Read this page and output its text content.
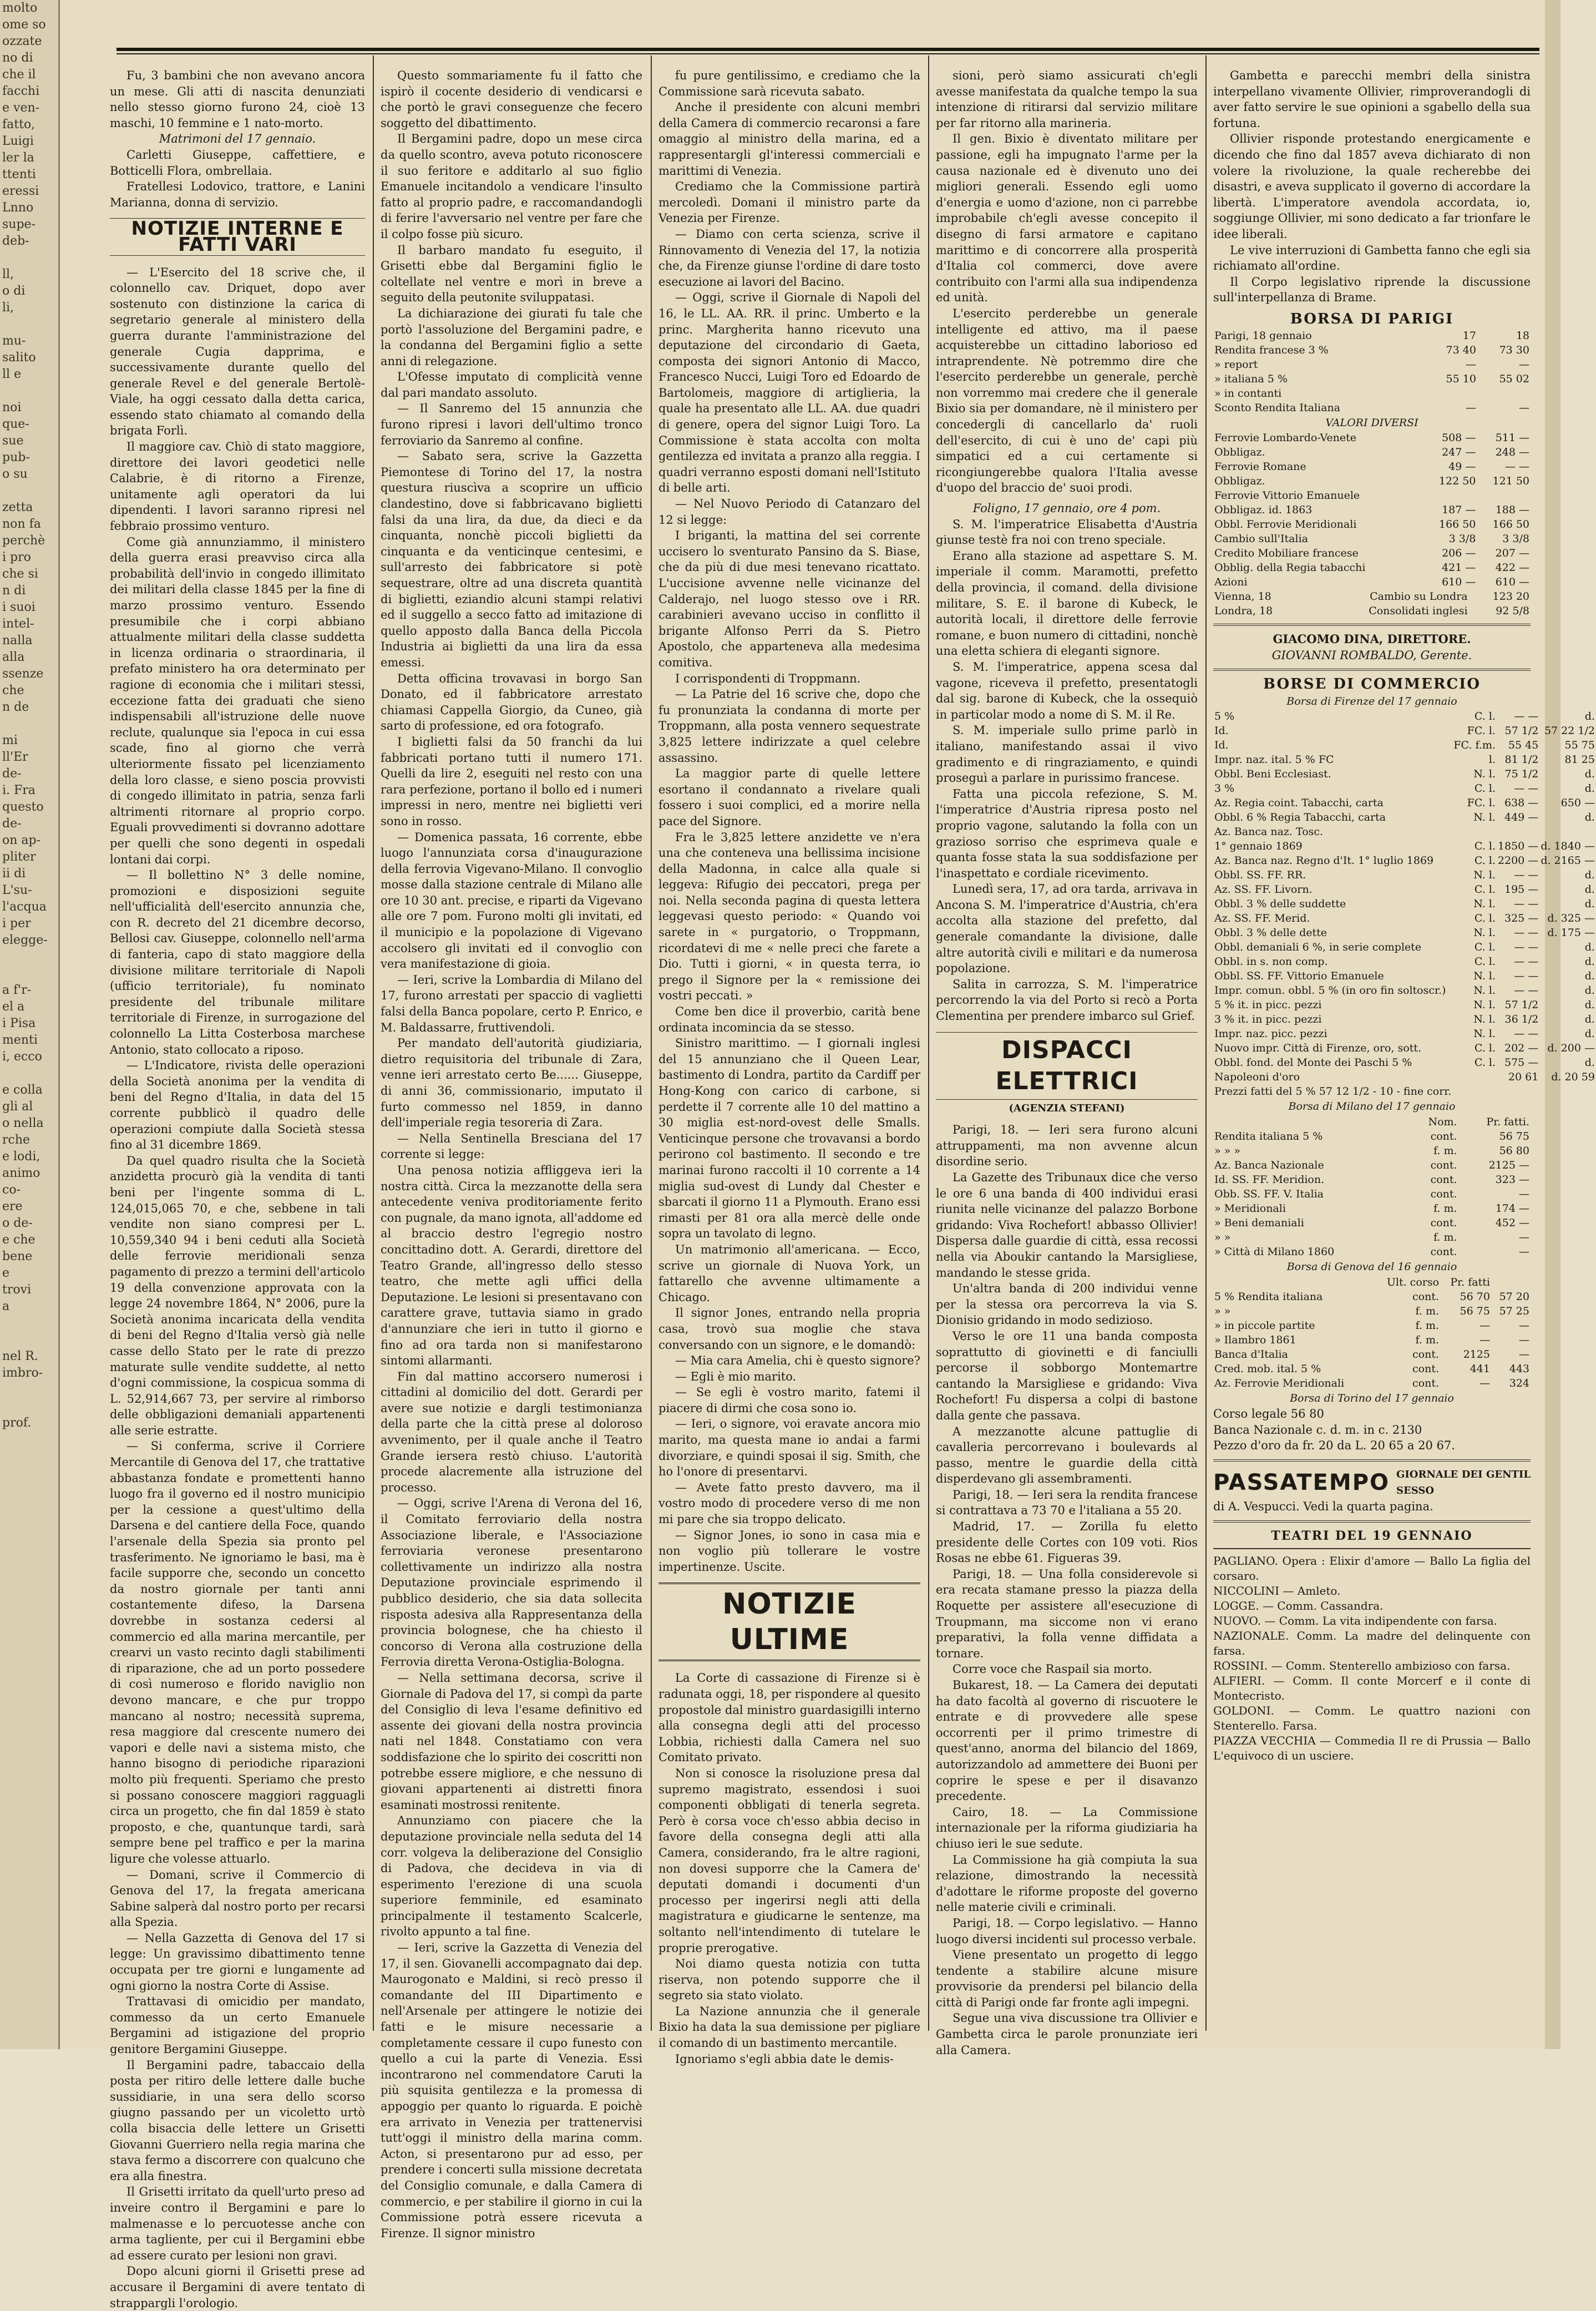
molto
ome so
ozzate
no di
che il
facchi
e ven-
fatto,
Luigi
ler la
ttenti
eressi
Lnno
supe-
deb-

ll,
o di
li,

mu-
salito
ll e

noi
que-
sue
pub-
o su

zetta
non fa
perchè
i pro
che si
n di
i suoi
intel-
nalla
alla
ssenze
che
n de

mi
ll'Er
de-
i. Fra
questo
de-
on ap-
pliter
ii di
L'su-
l'acqua
i per
elegge-

a f'r-
el a
i Pisa
menti
i, ecco

e colla
gli al
o nella
rche
e lodi,
animo
co-
ere
o de-
e che
bene
e
trovi
a

nel R.
imbro-

prof.

Fu, 3 bambini che non avevano ancora un mese. Gli atti di nascita denunziati nello stesso giorno furono 24, cioè 13 maschi, 10 femmine e 1 nato-morto.

Matrimoni del 17 gennaio.

Carletti Giuseppe, caffettiere, e Botticelli Flora, ombrellaia.

Fratellesi Lodovico, trattore, e Lanini Marianna, donna di servizio.

NOTIZIE INTERNE E FATTI VARI

— L'Esercito del 18 scrive che, il colonnello cav. Driquet, dopo aver sostenuto con distinzione la carica di segretario generale al ministero della guerra durante l'amministrazione del generale Cugia dapprima, e successivamente durante quello del generale Revel e del generale Bertolè-Viale, ha oggi cessato dalla detta carica, essendo stato chiamato al comando della brigata Forlì.

Il maggiore cav. Chiò di stato maggiore, direttore dei lavori geodetici nelle Calabrie, è di ritorno a Firenze, unitamente agli operatori da lui dipendenti. I lavori saranno ripresi nel febbraio prossimo venturo.

Come già annunziammo, il ministero della guerra erasi preavviso circa alla probabilità dell'invio in congedo illimitato dei militari della classe 1845 per la fine di marzo prossimo venturo. Essendo presumibile che i corpi abbiano attualmente militari della classe suddetta in licenza ordinaria o straordinaria, il prefato ministero ha ora determinato per ragione di economia che i militari stessi, eccezione fatta dei graduati che sieno indispensabili all'istruzione delle nuove reclute, qualunque sia l'epoca in cui essa scade, fino al giorno che verrà ulteriormente fissato pel licenziamento della loro classe, e sieno poscia provvisti di congedo illimitato in patria, senza farli altrimenti ritornare al proprio corpo. Eguali provvedimenti si dovranno adottare per quelli che sono degenti in ospedali lontani dai corpi.

— Il bollettino N° 3 delle nomine, promozioni e disposizioni seguite nell'ufficialità dell'esercito annunzia che, con R. decreto del 21 dicembre decorso, Bellosi cav. Giuseppe, colonnello nell'arma di fanteria, capo di stato maggiore della divisione militare territoriale di Napoli (ufficio territoriale), fu nominato presidente del tribunale militare territoriale di Firenze, in surrogazione del colonnello La Litta Costerbosa marchese Antonio, stato collocato a riposo.

— L'Indicatore, rivista delle operazioni della Società anonima per la vendita di beni del Regno d'Italia, in data del 15 corrente pubblicò il quadro delle operazioni compiute dalla Società stessa fino al 31 dicembre 1869.

Da quel quadro risulta che la Società anzidetta procurò già la vendita di tanti beni per l'ingente somma di L. 124,015,065 70, e che, sebbene in tali vendite non siano compresi per L. 10,559,340 94 i beni ceduti alla Società delle ferrovie meridionali senza pagamento di prezzo a termini dell'articolo 19 della convenzione approvata con la legge 24 novembre 1864, N° 2006, pure la Società anonima incaricata della vendita di beni del Regno d'Italia versò già nelle casse dello Stato per le rate di prezzo maturate sulle vendite suddette, al netto d'ogni commissione, la cospicua somma di L. 52,914,667 73, per servire al rimborso delle obbligazioni demaniali appartenenti alle serie estratte.

— Si conferma, scrive il Corriere Mercantile di Genova del 17, che trattative abbastanza fondate e promettenti hanno luogo fra il governo ed il nostro municipio per la cessione a quest'ultimo della Darsena e del cantiere della Foce, quando l'arsenale della Spezia sia pronto pel trasferimento. Ne ignoriamo le basi, ma è facile supporre che, secondo un concetto da nostro giornale per tanti anni costantemente difeso, la Darsena dovrebbe in sostanza cedersi al commercio ed alla marina mercantile, per crearvi un vasto recinto dagli stabilimenti di riparazione, che ad un porto possedere di così numeroso e florido naviglio non devono mancare, e che pur troppo mancano al nostro; necessità suprema, resa maggiore dal crescente numero dei vapori e delle navi a sistema misto, che hanno bisogno di periodiche riparazioni molto più frequenti. Speriamo che presto si possano conoscere maggiori ragguagli circa un progetto, che fin dal 1859 è stato proposto, e che, quantunque tardi, sarà sempre bene pel traffico e per la marina ligure che volesse attuarlo.

— Domani, scrive il Commercio di Genova del 17, la fregata americana Sabine salperà dal nostro porto per recarsi alla Spezia.

— Nella Gazzetta di Genova del 17 si legge: Un gravissimo dibattimento tenne occupata per tre giorni e lungamente ad ogni giorno la nostra Corte di Assise.

Trattavasi di omicidio per mandato, commesso da un certo Emanuele Bergamini ad istigazione del proprio genitore Bergamini Giuseppe.

Il Bergamini padre, tabaccaio della posta per ritiro delle lettere dalle buche sussidiarie, in una sera dello scorso giugno passando per un vicoletto urtò colla bisaccia delle lettere un Grisetti Giovanni Guerriero nella regia marina che stava fermo a discorrere con qualcuno che era alla finestra.

Il Grisetti irritato da quell'urto preso ad inveire contro il Bergamini e pare lo malmenasse e lo percuotesse anche con arma tagliente, per cui il Bergamini ebbe ad essere curato per lesioni non gravi.

Dopo alcuni giorni il Grisetti prese ad accusare il Bergamini di avere tentato di strappargli l'orologio.

Questo sommariamente fu il fatto che ispirò il cocente desiderio di vendicarsi e che portò le gravi conseguenze che fecero soggetto del dibattimento.

Il Bergamini padre, dopo un mese circa da quello scontro, aveva potuto riconoscere il suo feritore e additarlo al suo figlio Emanuele incitandolo a vendicare l'insulto fatto al proprio padre, e raccomandandogli di ferire l'avversario nel ventre per fare che il colpo fosse più sicuro.

Il barbaro mandato fu eseguito, il Grisetti ebbe dal Bergamini figlio le coltellate nel ventre e morì in breve a seguito della peutonite sviluppatasi.

La dichiarazione dei giurati fu tale che portò l'assoluzione del Bergamini padre, e la condanna del Bergamini figlio a sette anni di relegazione.

L'Ofesse imputato di complicità venne dal pari mandato assoluto.

— Il Sanremo del 15 annunzia che furono ripresi i lavori dell'ultimo tronco ferroviario da Sanremo al confine.

— Sabato sera, scrive la Gazzetta Piemontese di Torino del 17, la nostra questura riuscìva a scoprire un ufficio clandestino, dove si fabbricavano biglietti falsi da una lira, da due, da dieci e da cinquanta, nonchè piccoli biglietti da cinquanta e da venticinque centesimi, e sull'arresto dei fabbricatore si potè sequestrare, oltre ad una discreta quantità di biglietti, eziandio alcuni stampi relativi ed il suggello a secco fatto ad imitazione di quello apposto dalla Banca della Piccola Industria ai biglietti da una lira da essa emessi.

Detta officina trovavasi in borgo San Donato, ed il fabbricatore arrestato chiamasi Cappella Giorgio, da Cuneo, già sarto di professione, ed ora fotografo.

I biglietti falsi da 50 franchi da lui fabbricati portano tutti il numero 171. Quelli da lire 2, eseguiti nel resto con una rara perfezione, portano il bollo ed i numeri impressi in nero, mentre nei biglietti veri sono in rosso.

— Domenica passata, 16 corrente, ebbe luogo l'annunziata corsa d'inaugurazione della ferrovia Vigevano-Milano. Il convoglio mosse dalla stazione centrale di Milano alle ore 10 30 ant. precise, e riparti da Vigevano alle ore 7 pom. Furono molti gli invitati, ed il municipio e la popolazione di Vigevano accolsero gli invitati ed il convoglio con vera manifestazione di gioia.

— Ieri, scrive la Lombardia di Milano del 17, furono arrestati per spaccio di vaglietti falsi della Banca popolare, certo P. Enrico, e M. Baldassarre, fruttivendoli.

Per mandato dell'autorità giudiziaria, dietro requisitoria del tribunale di Zara, venne ieri arrestato certo Be...... Giuseppe, di anni 36, commissionario, imputato il furto commesso nel 1859, in danno dell'imperiale regia tesoreria di Zara.

— Nella Sentinella Bresciana del 17 corrente si legge:

Una penosa notizia affliggeva ieri la nostra città. Circa la mezzanotte della sera antecedente veniva proditoriamente ferito con pugnale, da mano ignota, all'addome ed al braccio destro l'egregio nostro concittadino dott. A. Gerardi, direttore del Teatro Grande, all'ingresso dello stesso teatro, che mette agli uffici della Deputazione. Le lesioni si presentavano con carattere grave, tuttavia siamo in grado d'annunziare che ieri in tutto il giorno e fino ad ora tarda non si manifestarono sintomi allarmanti.

Fin dal mattino accorsero numerosi i cittadini al domicilio del dott. Gerardi per avere sue notizie e dargli testimonianza della parte che la città prese al doloroso avvenimento, per il quale anche il Teatro Grande iersera restò chiuso. L'autorità procede alacremente alla istruzione del processo.

— Oggi, scrive l'Arena di Verona del 16, il Comitato ferroviario della nostra Associazione liberale, e l'Associazione ferroviaria veronese presentarono collettivamente un indirizzo alla nostra Deputazione provinciale esprimendo il pubblico desiderio, che sia data sollecita risposta adesiva alla Rappresentanza della provincia bolognese, che ha chiesto il concorso di Verona alla costruzione della Ferrovia diretta Verona-Ostiglia-Bologna.

— Nella settimana decorsa, scrive il Giornale di Padova del 17, si compì da parte del Consiglio di leva l'esame definitivo ed assente dei giovani della nostra provincia nati nel 1848. Constatiamo con vera soddisfazione che lo spirito dei coscritti non potrebbe essere migliore, e che nessuno di giovani appartenenti ai distretti finora esaminati mostrossi renitente.

Annunziamo con piacere che la deputazione provinciale nella seduta del 14 corr. volgeva la deliberazione del Consiglio di Padova, che decideva in via di esperimento l'erezione di una scuola superiore femminile, ed esaminato principalmente il testamento Scalcerle, rivolto appunto a tal fine.

— Ieri, scrive la Gazzetta di Venezia del 17, il sen. Giovanelli accompagnato dai dep. Maurogonato e Maldini, si recò presso il comandante del III Dipartimento e nell'Arsenale per attingere le notizie dei fatti e le misure necessarie a completamente cessare il cupo funesto con quello a cui la parte di Venezia. Essi incontrarono nel commendatore Caruti la più squisita gentilezza e la promessa di appoggio per quanto lo riguarda. E poichè era arrivato in Venezia per trattenervisi tutt'oggi il ministro della marina comm. Acton, si presentarono pur ad esso, per prendere i concerti sulla missione decretata del Consiglio comunale, e dalla Camera di commercio, e per stabilire il giorno in cui la Commissione potrà essere ricevuta a Firenze. Il signor ministro

fu pure gentilissimo, e crediamo che la Commissione sarà ricevuta sabato.

Anche il presidente con alcuni membri della Camera di commercio recaronsi a fare omaggio al ministro della marina, ed a rappresentargli gl'interessi commerciali e marittimi di Venezia.

Crediamo che la Commissione partirà mercoledì. Domani il ministro parte da Venezia per Firenze.

— Diamo con certa scienza, scrive il Rinnovamento di Venezia del 17, la notizia che, da Firenze giunse l'ordine di dare tosto esecuzione ai lavori del Bacino.

— Oggi, scrive il Giornale di Napoli del 16, le LL. AA. RR. il princ. Umberto e la princ. Margherita hanno ricevuto una deputazione del circondario di Gaeta, composta dei signori Antonio di Macco, Francesco Nucci, Luigi Toro ed Edoardo de Bartolomeis, maggiore di artiglieria, la quale ha presentato alle LL. AA. due quadri di genere, opera del signor Luigi Toro. La Commissione è stata accolta con molta gentilezza ed invitata a pranzo alla reggia. I quadri verranno esposti domani nell'Istituto di belle arti.

— Nel Nuovo Periodo di Catanzaro del 12 si legge:

I briganti, la mattina del sei corrente uccisero lo sventurato Pansino da S. Biase, che da più di due mesi tenevano ricattato. L'uccisione avvenne nelle vicinanze del Calderajo, nel luogo stesso ove i RR. carabinieri avevano ucciso in conflitto il brigante Alfonso Perri da S. Pietro Apostolo, che appartenevа alla medesima comitiva.

I corrispondenti di Troppmann.

— La Patrie del 16 scrive che, dopo che fu pronunziata la condanna di morte per Troppmann, alla posta vennero sequestrate 3,825 lettere indirizzate a quel celebre assassino.

La maggior parte di quelle lettere esortano il condannato a rivelare quali fossero i suoi complici, ed a morire nella pace del Signore.

Fra le 3,825 lettere anzidette ve n'era una che conteneva una bellissima incisione della Madonna, in calce alla quale si leggeva: Rifugio dei peccatori, prega per noi. Nella seconda pagina di questa lettera leggevasi questo periodo: « Quando voi sarete in « purgatorio, o Troppmann, ricordatevi di me « nelle preci che farete a Dio. Tutti i giorni, « in questa terra, io prego il Signore per la « remissione dei vostri peccati. »

Come ben dice il proverbio, carità bene ordinata incomincia da se stesso.

Sinistro marittimo. — I giornali inglesi del 15 annunziano che il Queen Lear, bastimento di Londra, partito da Cardiff per Hong-Kong con carico di carbone, si perdette il 7 corrente alle 10 del mattino a 30 miglia est-nord-ovest delle Smalls. Venticinque persone che trovavansi a bordo perirono col bastimento. Il secondo e tre marinai furono raccolti il 10 corrente a 14 miglia sud-ovest di Lundy dal Chester e sbarcati il giorno 11 a Plymouth. Erano essi rimasti per 81 ora alla mercè delle onde sopra un tavolato di legno.

Un matrimonio all'americana. — Ecco, scrive un giornale di Nuova York, un fattarello che avvenne ultimamente a Chicago.

Il signor Jones, entrando nella propria casa, trovò sua moglie che stava conversando con un signore, e le domandò:

— Mia cara Amelia, chi è questo signore?

— Egli è mio marito.

— Se egli è vostro marito, fatemi il piacere di dirmi che cosa sono io.

— Ieri, o signore, voi eravate ancora mio marito, ma questa mane io andai a farmi divorziare, e quindi sposai il sig. Smith, che ho l'onore di presentarvi.

— Avete fatto presto davvero, ma il vostro modo di procedere verso di me non mi pare che sia troppo delicato.

— Signor Jones, io sono in casa mia e non voglio più tollerare le vostre impertinenze. Uscite.

NOTIZIE ULTIME

La Corte di cassazione di Firenze si è radunata oggi, 18, per rispondere al quesito propostole dal ministro guardasigilli interno alla consegna degli atti del processo Lobbia, richiesti dalla Camera nel suo Comitato privato.

Non si conosce la risoluzione presa dal supremo magistrato, essendosi i suoi componenti obbligati di tenerla segreta. Però è corsa voce ch'esso abbia deciso in favore della consegna degli atti alla Camera, considerando, fra le altre ragioni, non dovesi supporre che la Camera de' deputati domandi i documenti d'un processo per ingerirsi negli atti della magistratura e giudicarne le sentenze, ma soltanto nell'intendimento di tutelare le proprie prerogative.

Noi diamo questa notizia con tutta riserva, non potendo supporre che il segreto sia stato violato.

La Nazione annunzia che il generale Bixio ha data la sua demissione per pigliare il comando di un bastimento mercantile.

Ignoriamo s'egli abbia date le demis-

sioni, però siamo assicurati ch'egli avesse manifestata da qualche tempo la sua intenzione di ritirarsi dal servizio militare per far ritorno alla marineria.

Il gen. Bixio è diventato militare per passione, egli ha impugnato l'arme per la causa nazionale ed è divenuto uno dei migliori generali. Essendo egli uomo d'energia e uomo d'azione, non ci parrebbe improbabile ch'egli avesse concepito il disegno di farsi armatore e capitano marittimo e di concorrere alla prosperità d'Italia col commerci, dove avere contribuito con l'armi alla sua indipendenza ed unità.

L'esercito perderebbe un generale intelligente ed attivo, ma il paese acquisterebbe un cittadino laborioso ed intraprendente. Nè potremmo dire che l'esercito perderebbe un generale, perchè non vorremmo mai credere che il generale Bixio sia per domandare, nè il ministero per concedergli di cancellarlo da' ruoli dell'esercito, di cui è uno de' capi più simpatici ed a cui certamente si ricongiungerebbe qualora l'Italia avesse d'uopo del braccio de' suoi prodi.

Foligno, 17 gennaio, ore 4 pom.

S. M. l'imperatrice Elisabetta d'Austria giunse testè fra noi con treno speciale.

Erano alla stazione ad aspettare S. M. imperiale il comm. Maramotti, prefetto della provincia, il comand. della divisione militare, S. E. il barone di Kubeck, le autorità locali, il direttore delle ferrovie romane, e buon numero di cittadini, nonchè una eletta schiera di eleganti signore.

S. M. l'imperatrice, appena scesa dal vagone, riceveva il prefetto, presentatogli dal sig. barone di Kubeck, che la ossequiò in particolar modo a nome di S. M. il Re.

S. M. imperiale sullo prime parlò in italiano, manifestando assai il vivo gradimento e di ringraziamento, e quindi proseguì a parlare in purissimo francese.

Fatta una piccola refezione, S. M. l'imperatrice d'Austria ripresa posto nel proprio vagone, salutando la folla con un grazioso sorriso che esprimeva quale e quanta fosse stata la sua soddisfazione per l'inaspettato e cordiale ricevimento.

Lunedì sera, 17, ad ora tarda, arrivava in Ancona S. M. l'imperatrice d'Austria, ch'era accolta alla stazione del prefetto, dal generale comandante la divisione, dalle altre autorità civili e militari e da numerosa popolazione.

Salita in carrozza, S. M. l'imperatrice percorrendo la via del Porto si recò a Porta Clementina per prendere imbarco sul Grief.

DISPACCI ELETTRICI
(AGENZIA STEFANI)

Parigi, 18. — Ieri sera furono alcuni attruppamenti, ma non avvenne alcun disordine serio.

La Gazette des Tribunaux dice che verso le ore 6 una banda di 400 individui erasi riunita nelle vicinanze del palazzo Borbone gridando: Viva Rochefort! abbasso Ollivier! Dispersa dalle guardie di città, essa recossi nella via Aboukir cantando la Marsigliese, mandando le stesse grida.

Un'altra banda di 200 individui venne per la stessa ora percorreva la via S. Dionisio gridando in modo sedizioso.

Verso le ore 11 una banda composta soprattutto di giovinetti e di fanciulli percorse il sobborgo Montemartre cantando la Marsigliese e gridando: Viva Rochefort! Fu dispersa a colpi di bastone dalla gente che passava.

A mezzanotte alcune pattuglie di cavalleria percorrevano i boulevards al passo, mentre le guardie della città disperdevano gli assembramenti.

Parigi, 18. — Ieri sera la rendita francese si contrattava a 73 70 e l'italiana a 55 20.

Madrid, 17. — Zorilla fu eletto presidente delle Cortes con 109 voti. Rios Rosas ne ebbe 61. Figueras 39.

Parigi, 18. — Una folla considerevole si era recata stamane presso la piazza della Roquette per assistere all'esecuzione di Troupmann, ma siccome non vi erano preparativi, la folla venne diffidata a tornare.

Corre voce che Raspail sia morto.

Bukarest, 18. — La Camera dei deputati ha dato facoltà al governo di riscuotere le entrate e di provvedere alle spese occorrenti per il primo trimestre di quest'anno, anorma del bilancio del 1869, autorizzandolo ad ammettere dei Buoni per coprire le spese e per il disavanzo precedente.

Cairo, 18. — La Commissione internazionale per la riforma giudiziaria ha chiuso ieri le sue sedute.

La Commissione ha già compiuta la sua relazione, dimostrando la necessità d'adottare le riforme proposte del governo nelle materie civili e criminali.

Parigi, 18. — Corpo legislativo. — Hanno luogo diversi incidenti sul processo verbale.

Viene presentato un progetto di leggo tendente a stabilire alcune misure provvisorie da prendersi pel bilancio della città di Parigi onde far fronte agli impegni.

Segue una viva discussione tra Ollivier e Gambetta circa le parole pronunziate ieri alla Camera.

Gambetta e parecchi membri della sinistra interpellano vivamente Ollivier, rimproverandogli di aver fatto servire le sue opinioni a sgabello della sua fortuna.

Ollivier risponde protestando energicamente e dicendo che fino dal 1857 aveva dichiarato di non volere la rivoluzione, la quale recherebbe dei disastri, e aveva supplicato il governo di accordare la libertà. L'imperatore avendola accordata, io, soggiunge Ollivier, mi sono dedicato a far trionfare le idee liberali.

Le vive interruzioni di Gambetta fanno che egli sia richiamato all'ordine.

Il Corpo legislativo riprende la discussione sull'interpellanza di Brame.

BORSA DI PARIGI
Parigi, 18 gennaio	17	18
Rendita francese 3 %	73 40	73 30
» report	—	—
» italiana 5 %	55 10	55 02
» in contanti		
Sconto Rendita Italiana	—	—
VALORI DIVERSI
Ferrovie Lombardo-Venete	508 —	511 —
Obbligaz.	247 —	248 —
Ferrovie Romane	49 —	— —
Obbligaz.	122 50	121 50
Ferrovie Vittorio Emanuele		
Obbligaz. id. 1863	187 —	188 —
Obbl. Ferrovie Meridionali	166 50	166 50
Cambio sull'Italia	3 3/8	3 3/8
Credito Mobiliare francese	206 —	207 —
Obblig. della Regia tabacchi	421 —	422 —
Azioni	610 —	610 —
Vienna, 18	Cambio su Londra	123 20
Londra, 18	Consolidati inglesi	92 5/8

GIACOMO DINA, DIRETTORE.

GIOVANNI ROMBALDO, Gerente.

BORSE DI COMMERCIO
Borsa di Firenze del 17 gennaio
5 %	C. l.	— —	d.
Id.	FC. l.	57 1/2	57 22 1/2
Id.	FC. f.m.	55 45	55 75
Impr. naz. ital. 5 % FC	l.	81 1/2	81 25
Obbl. Beni Ecclesiast.	N. l.	75 1/2	d.
3 %	C. l.	— —	d.
Az. Regia coint. Tabacchi, carta	FC. l.	638 —	650 —
Obbl. 6 % Regia Tabacchi, carta	N. l.	449 —	d.
Az. Banca naz. Tosc.			
1° gennaio 1869	C. l.	1850 —	d. 1840 —
Az. Banca naz. Regno d'It. 1° luglio 1869	C. l.	2200 —	d. 2165 —
Obbl. SS. FF. RR.	N. l.	— —	d.
Az. SS. FF. Livorn.	C. l.	195 —	d.
Obbl. 3 % delle suddette	N. l.	— —	d.
Az. SS. FF. Merid.	C. l.	325 —	d. 325 —
Obbl. 3 % delle dette	N. l.	— —	d. 175 —
Obbl. demaniali 6 %, in serie complete	C. l.	— —	d.
Obbl. in s. non comp.	C. l.	— —	d.
Obbl. SS. FF. Vittorio Emanuele	N. l.	— —	d.
Impr. comun. obbl. 5 % (in oro fin soltoscr.)	N. l.	— —	d.
5 % it. in picc. pezzi	N. l.	57 1/2	d.
3 % it. in picc. pezzi	N. l.	36 1/2	d.
Impr. naz. picc. pezzi	N. l.	— —	d.
Nuovo impr. Città di Firenze, oro, sott.	C. l.	202 —	d. 200 —
Obbl. fond. del Monte dei Paschi 5 %	C. l.	575 —	d.
Napoleoni d'oro		20 61	d. 20 59
Prezzi fatti del 5 % 57 12 1/2 - 10 - fine corr.			
Borsa di Milano del 17 gennaio
	Nom.	Pr. fatti.
Rendita italiana 5 %	cont.	56 75
» » »	f. m.	56 80
Az. Banca Nazionale	cont.	2125 —
Id. SS. FF. Meridion.	cont.	323 —
Obb. SS. FF. V. Italia	cont.	—
» Meridionali	f. m.	174 —
» Beni demaniali	cont.	452 —
» »	f. m.	—
» Città di Milano 1860	cont.	—
Borsa di Genova del 16 gennaio
	Ult. corso	Pr. fatti	
5 % Rendita italiana	cont.	56 70	57 20
» »	f. m.	56 75	57 25
» in piccole partite	f. m.	—	—
» Ilambro 1861	f. m.	—	—
Banca d'Italia	cont.	2125	—
Cred. mob. ital. 5 %	cont.	441	443
Az. Ferrovie Meridionali	cont.	—	324
Borsa di Torino del 17 gennaio

Corso legale 56 80

Banca Nazionale c. d. m. in c. 2130

Pezzo d'oro da fr. 20 da L. 20 65 a 20 67.

PASSATEMPO GIORNALE DEI GENTIL SESSO

di A. Vespucci. Vedi la quarta pagina.

TEATRI DEL 19 GENNAIO

PAGLIANO. Opera : Elixir d'amore — Ballo La figlia del corsaro.

NICCOLINI — Amleto.

LOGGE. — Comm. Cassandra.

NUOVO. — Comm. La vita indipendente con farsa.

NAZIONALE. Comm. La madre del delinquente con farsa.

ROSSINI. — Comm. Stenterello ambizioso con farsa.

ALFIERI. — Comm. Il conte Morcerf e il conte di Montecristo.

GOLDONI. — Comm. Le quattro nazioni con Stenterello. Farsa.

PIAZZA VECCHIA — Commedia Il re di Prussia — Ballo L'equivoco di un usciere.
